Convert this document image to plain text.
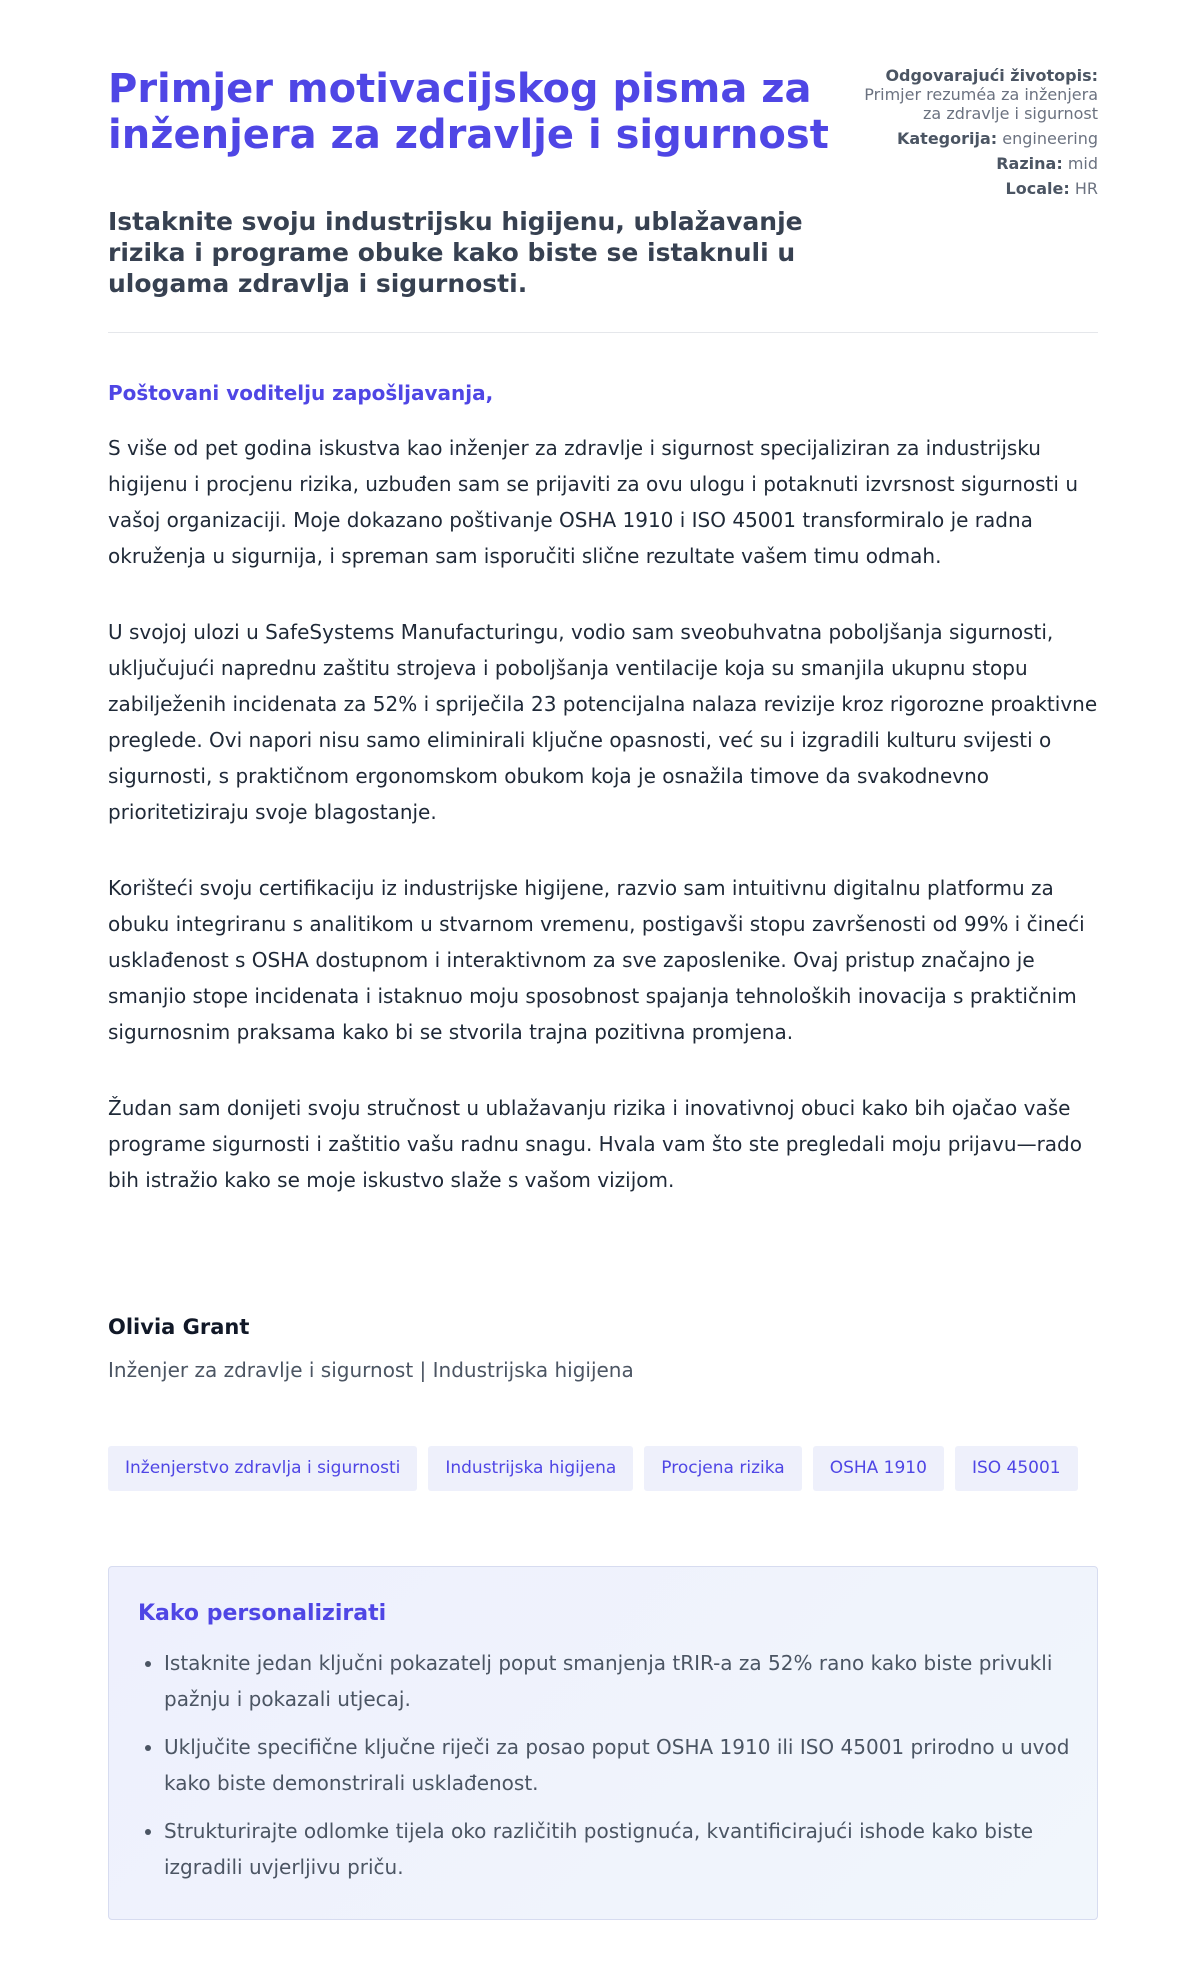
Primjer motivacijskog pisma za inženjera za zdravlje i sigurnost
Istaknite svoju industrijsku higijenu, ublažavanje rizika i programe obuke kako biste se istaknuli u ulogama zdravlja i sigurnosti.
Odgovarajući životopis:
Primjer rezuméa za inženjera za zdravlje i sigurnost
Kategorija: engineering
Razina: mid
Locale: HR

Poštovani voditelju zapošljavanja,

S više od pet godina iskustva kao inženjer za zdravlje i sigurnost specijaliziran za industrijsku higijenu i procjenu rizika, uzbuđen sam se prijaviti za ovu ulogu i potaknuti izvrsnost sigurnosti u vašoj organizaciji. Moje dokazano poštivanje OSHA 1910 i ISO 45001 transformiralo je radna okruženja u sigurnija, i spreman sam isporučiti slične rezultate vašem timu odmah.

U svojoj ulozi u SafeSystems Manufacturingu, vodio sam sveobuhvatna poboljšanja sigurnosti, uključujući naprednu zaštitu strojeva i poboljšanja ventilacije koja su smanjila ukupnu stopu zabilježenih incidenata za 52% i spriječila 23 potencijalna nalaza revizije kroz rigorozne proaktivne preglede. Ovi napori nisu samo eliminirali ključne opasnosti, već su i izgradili kulturu svijesti o sigurnosti, s praktičnom ergonomskom obukom koja je osnažila timove da svakodnevno prioritetiziraju svoje blagostanje.

Korišteći svoju certifikaciju iz industrijske higijene, razvio sam intuitivnu digitalnu platformu za obuku integriranu s analitikom u stvarnom vremenu, postigavši stopu završenosti od 99% i čineći usklađenost s OSHA dostupnom i interaktivnom za sve zaposlenike. Ovaj pristup značajno je smanjio stope incidenata i istaknuo moju sposobnost spajanja tehnoloških inovacija s praktičnim sigurnosnim praksama kako bi se stvorila trajna pozitivna promjena.

Žudan sam donijeti svoju stručnost u ublažavanju rizika i inovativnoj obuci kako bih ojačao vaše programe sigurnosti i zaštitio vašu radnu snagu. Hvala vam što ste pregledali moju prijavu—rado bih istražio kako se moje iskustvo slaže s vašom vizijom.

Olivia Grant

Inženjer za zdravlje i sigurnost | Industrijska higijena

Inženjerstvo zdravlja i sigurnosti	Industrijska higijena	Procjena rizika	OSHA 1910	ISO 45001
Kako personalizirati
• Istaknite jedan ključni pokazatelj poput smanjenja tRIR-a za 52% rano kako biste privukli pažnju i pokazali utjecaj.
• Uključite specifične ključne riječi za posao poput OSHA 1910 ili ISO 45001 prirodno u uvod kako biste demonstrirali usklađenost.
• Strukturirajte odlomke tijela oko različitih postignuća, kvantificirajući ishode kako biste izgradili uvjerljivu priču.
